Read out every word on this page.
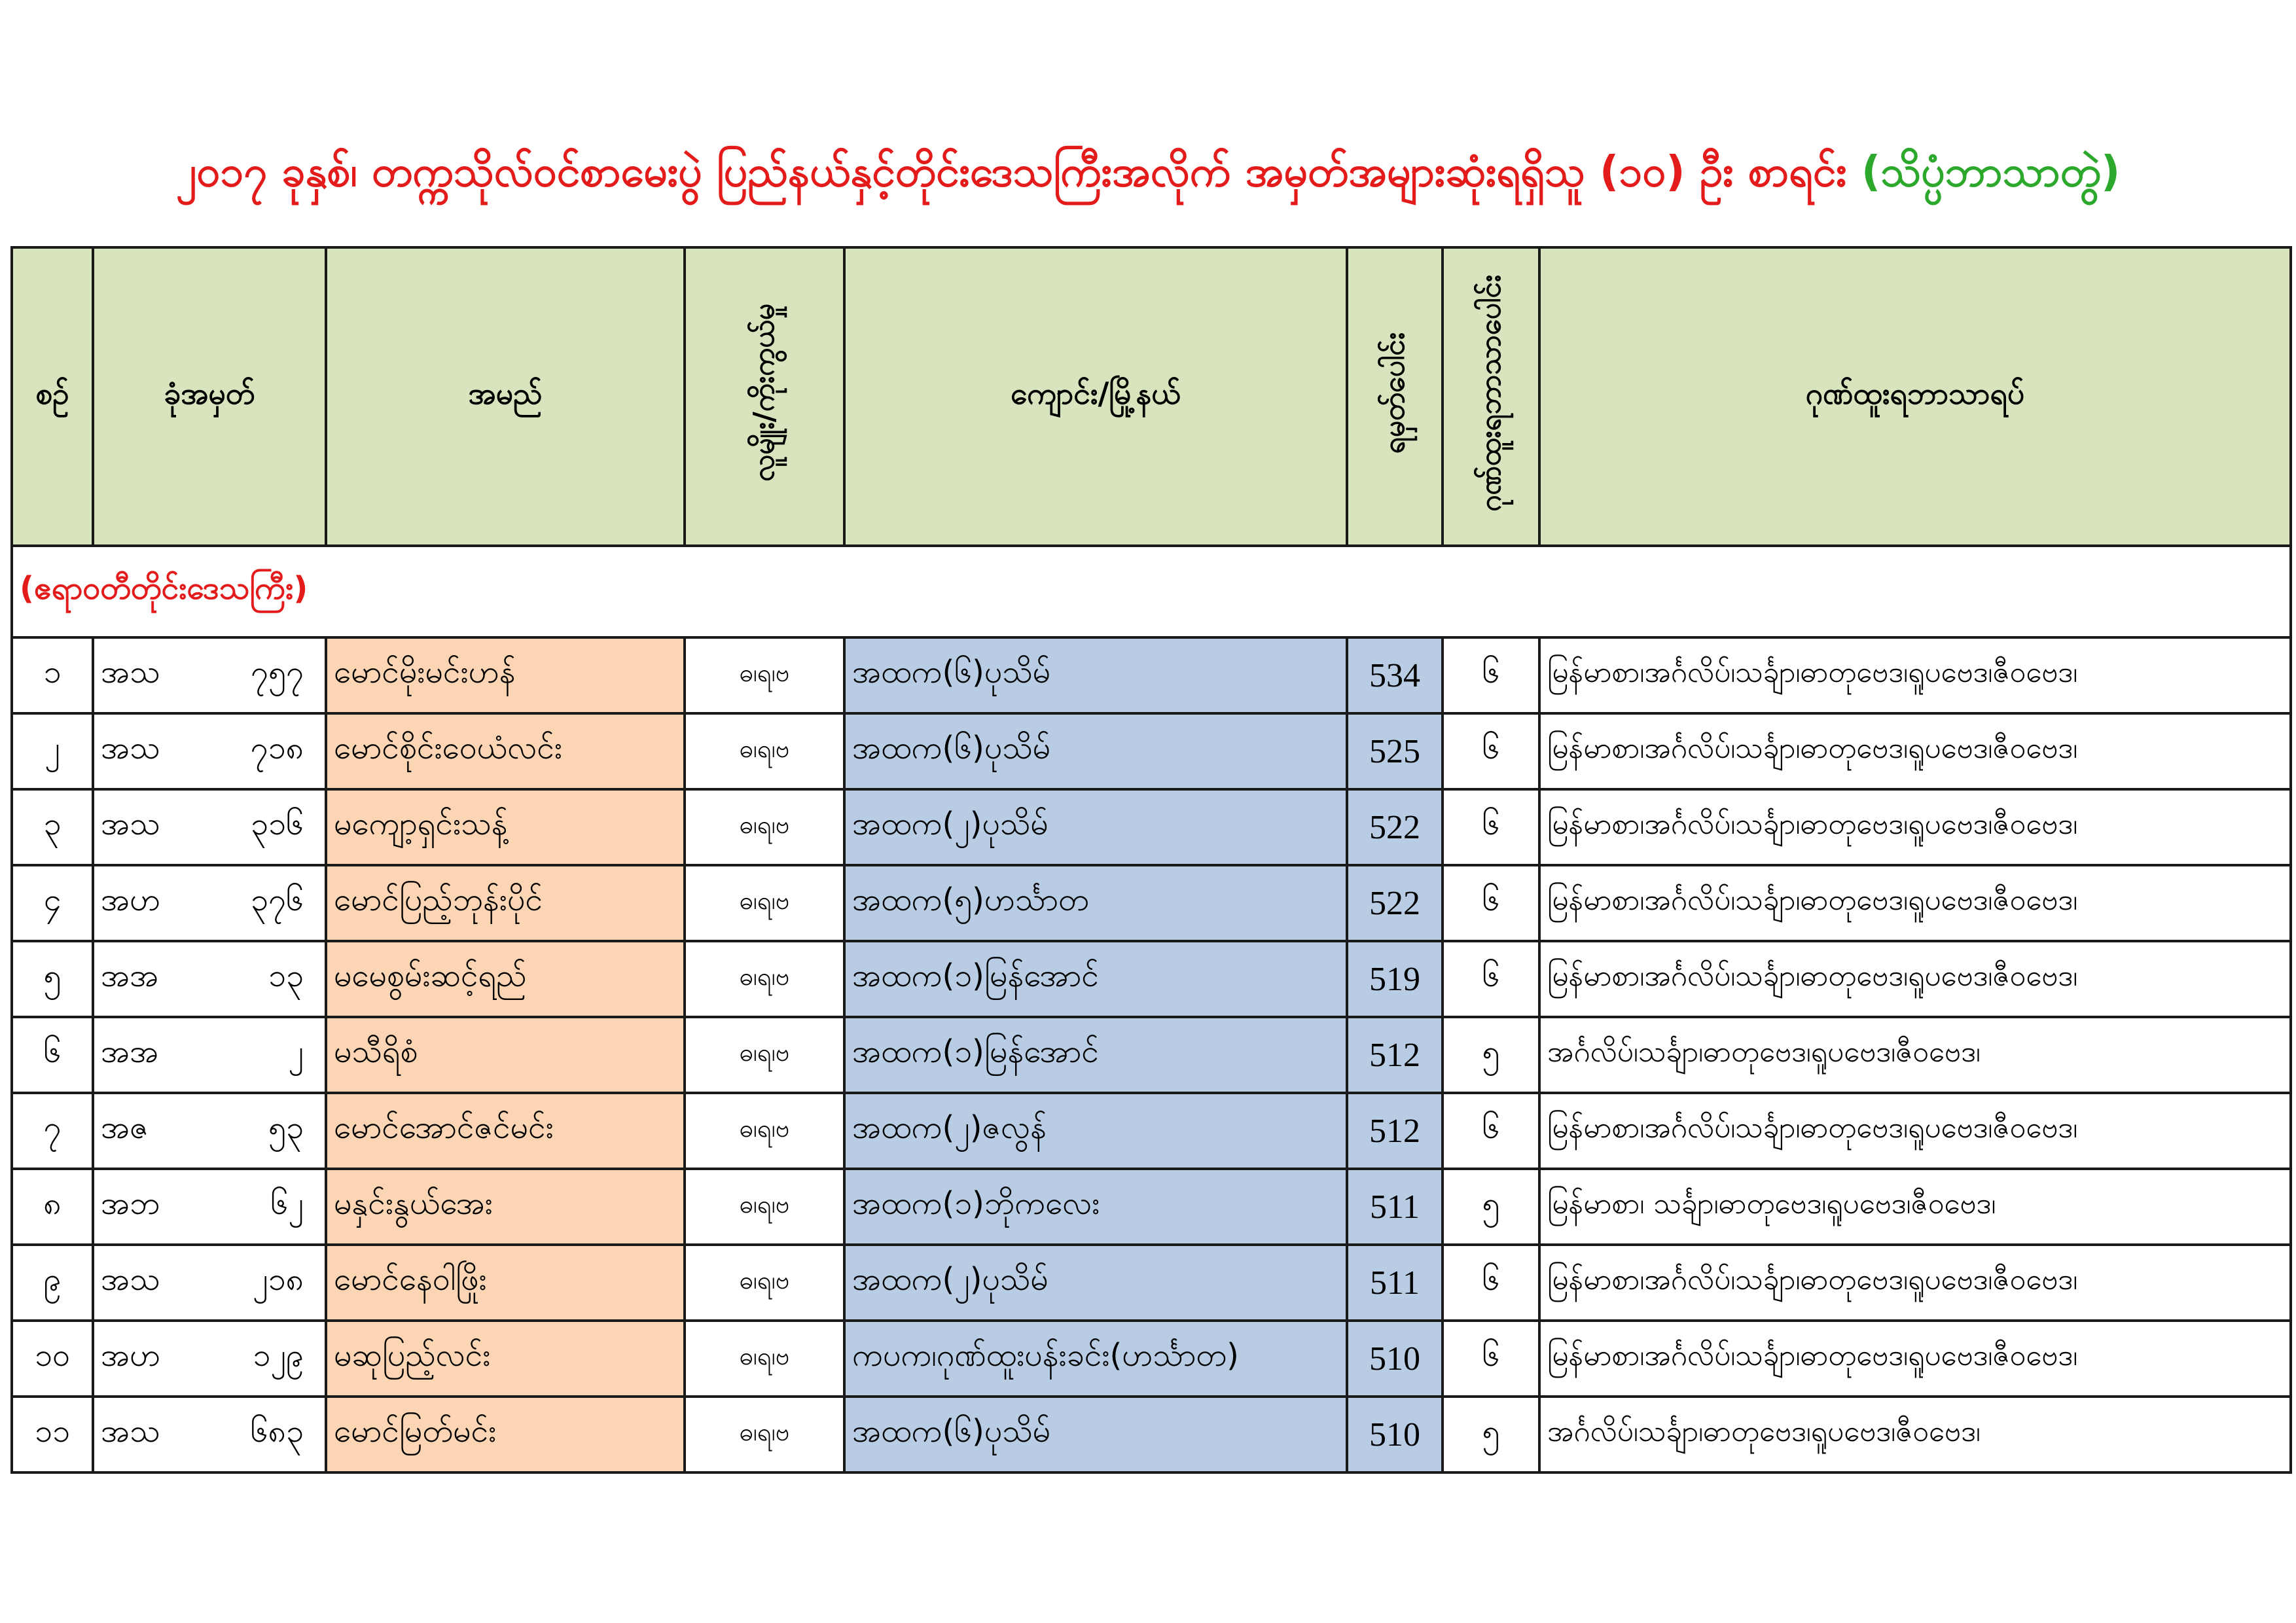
၂၀၁၇ ခုနှစ်၊ တက္ကသိုလ်ဝင်စာမေးပွဲ ပြည်နယ်နှင့်တိုင်းဒေသကြီးအလိုက် အမှတ်အများဆုံးရရှိသူ (၁၀) ဦး စာရင်း (သိပ္ပံဘာသာတွဲ)
စဉ်	ခုံအမှတ်	အမည်	လူမျိုး/ကိုးကွယ်မှု	ကျောင်း/မြို့နယ်	ရမှတ်ပေါင်း	ဂုဏ်ထူးရဘာသာပေါင်း	ဂုဏ်ထူးရဘာသာရပ်
(ဧရာဝတီတိုင်းဒေသကြီး)							
၁	အသ ၇၅၇	မောင်မိုးမင်းဟန်	ဓ၊ရ၊ဗ	အထက(၆)ပုသိမ်	534	၆	မြန်မာစာ၊အင်္ဂလိပ်၊သင်္ချာ၊ဓာတုဗေဒ၊ရူပဗေဒ၊ဇီဝဗေဒ၊
၂	အသ ၇၁၈	မောင်စိုင်းဝေယံလင်း	ဓ၊ရ၊ဗ	အထက(၆)ပုသိမ်	525	၆	မြန်မာစာ၊အင်္ဂလိပ်၊သင်္ချာ၊ဓာတုဗေဒ၊ရူပဗေဒ၊ဇီဝဗေဒ၊
၃	အသ ၃၁၆	မကျော့ရှင်းသန့်	ဓ၊ရ၊ဗ	အထက(၂)ပုသိမ်	522	၆	မြန်မာစာ၊အင်္ဂလိပ်၊သင်္ချာ၊ဓာတုဗေဒ၊ရူပဗေဒ၊ဇီဝဗေဒ၊
၄	အဟ ၃၇၆	မောင်ပြည့်ဘုန်းပိုင်	ဓ၊ရ၊ဗ	အထက(၅)ဟင်္သာတ	522	၆	မြန်မာစာ၊အင်္ဂလိပ်၊သင်္ချာ၊ဓာတုဗေဒ၊ရူပဗေဒ၊ဇီဝဗေဒ၊
၅	အအ ၁၃	မမေစွမ်းဆင့်ရည်	ဓ၊ရ၊ဗ	အထက(၁)မြန်အောင်	519	၆	မြန်မာစာ၊အင်္ဂလိပ်၊သင်္ချာ၊ဓာတုဗေဒ၊ရူပဗေဒ၊ဇီဝဗေဒ၊
၆	အအ ၂	မသီရိစံ	ဓ၊ရ၊ဗ	အထက(၁)မြန်အောင်	512	၅	အင်္ဂလိပ်၊သင်္ချာ၊ဓာတုဗေဒ၊ရူပဗေဒ၊ဇီဝဗေဒ၊
၇	အဇ ၅၃	မောင်အောင်ဇင်မင်း	ဓ၊ရ၊ဗ	အထက(၂)ဇလွန်	512	၆	မြန်မာစာ၊အင်္ဂလိပ်၊သင်္ချာ၊ဓာတုဗေဒ၊ရူပဗေဒ၊ဇီဝဗေဒ၊
၈	အဘ ၆၂	မနှင်းနွယ်အေး	ဓ၊ရ၊ဗ	အထက(၁)ဘိုကလေး	511	၅	မြန်မာစာ၊ သင်္ချာ၊ဓာတုဗေဒ၊ရူပဗေဒ၊ဇီဝဗေဒ၊
၉	အသ ၂၁၈	မောင်နေဝါဖြိုး	ဓ၊ရ၊ဗ	အထက(၂)ပုသိမ်	511	၆	မြန်မာစာ၊အင်္ဂလိပ်၊သင်္ချာ၊ဓာတုဗေဒ၊ရူပဗေဒ၊ဇီဝဗေဒ၊
၁၀	အဟ ၁၂၉	မဆုပြည့်လင်း	ဓ၊ရ၊ဗ	ကပက၊ဂုဏ်ထူးပန်းခင်း(ဟင်္သာတ)	510	၆	မြန်မာစာ၊အင်္ဂလိပ်၊သင်္ချာ၊ဓာတုဗေဒ၊ရူပဗေဒ၊ဇီဝဗေဒ၊
၁၁	အသ ၆၈၃	မောင်မြတ်မင်း	ဓ၊ရ၊ဗ	အထက(၆)ပုသိမ်	510	၅	အင်္ဂလိပ်၊သင်္ချာ၊ဓာတုဗေဒ၊ရူပဗေဒ၊ဇီဝဗေဒ၊
